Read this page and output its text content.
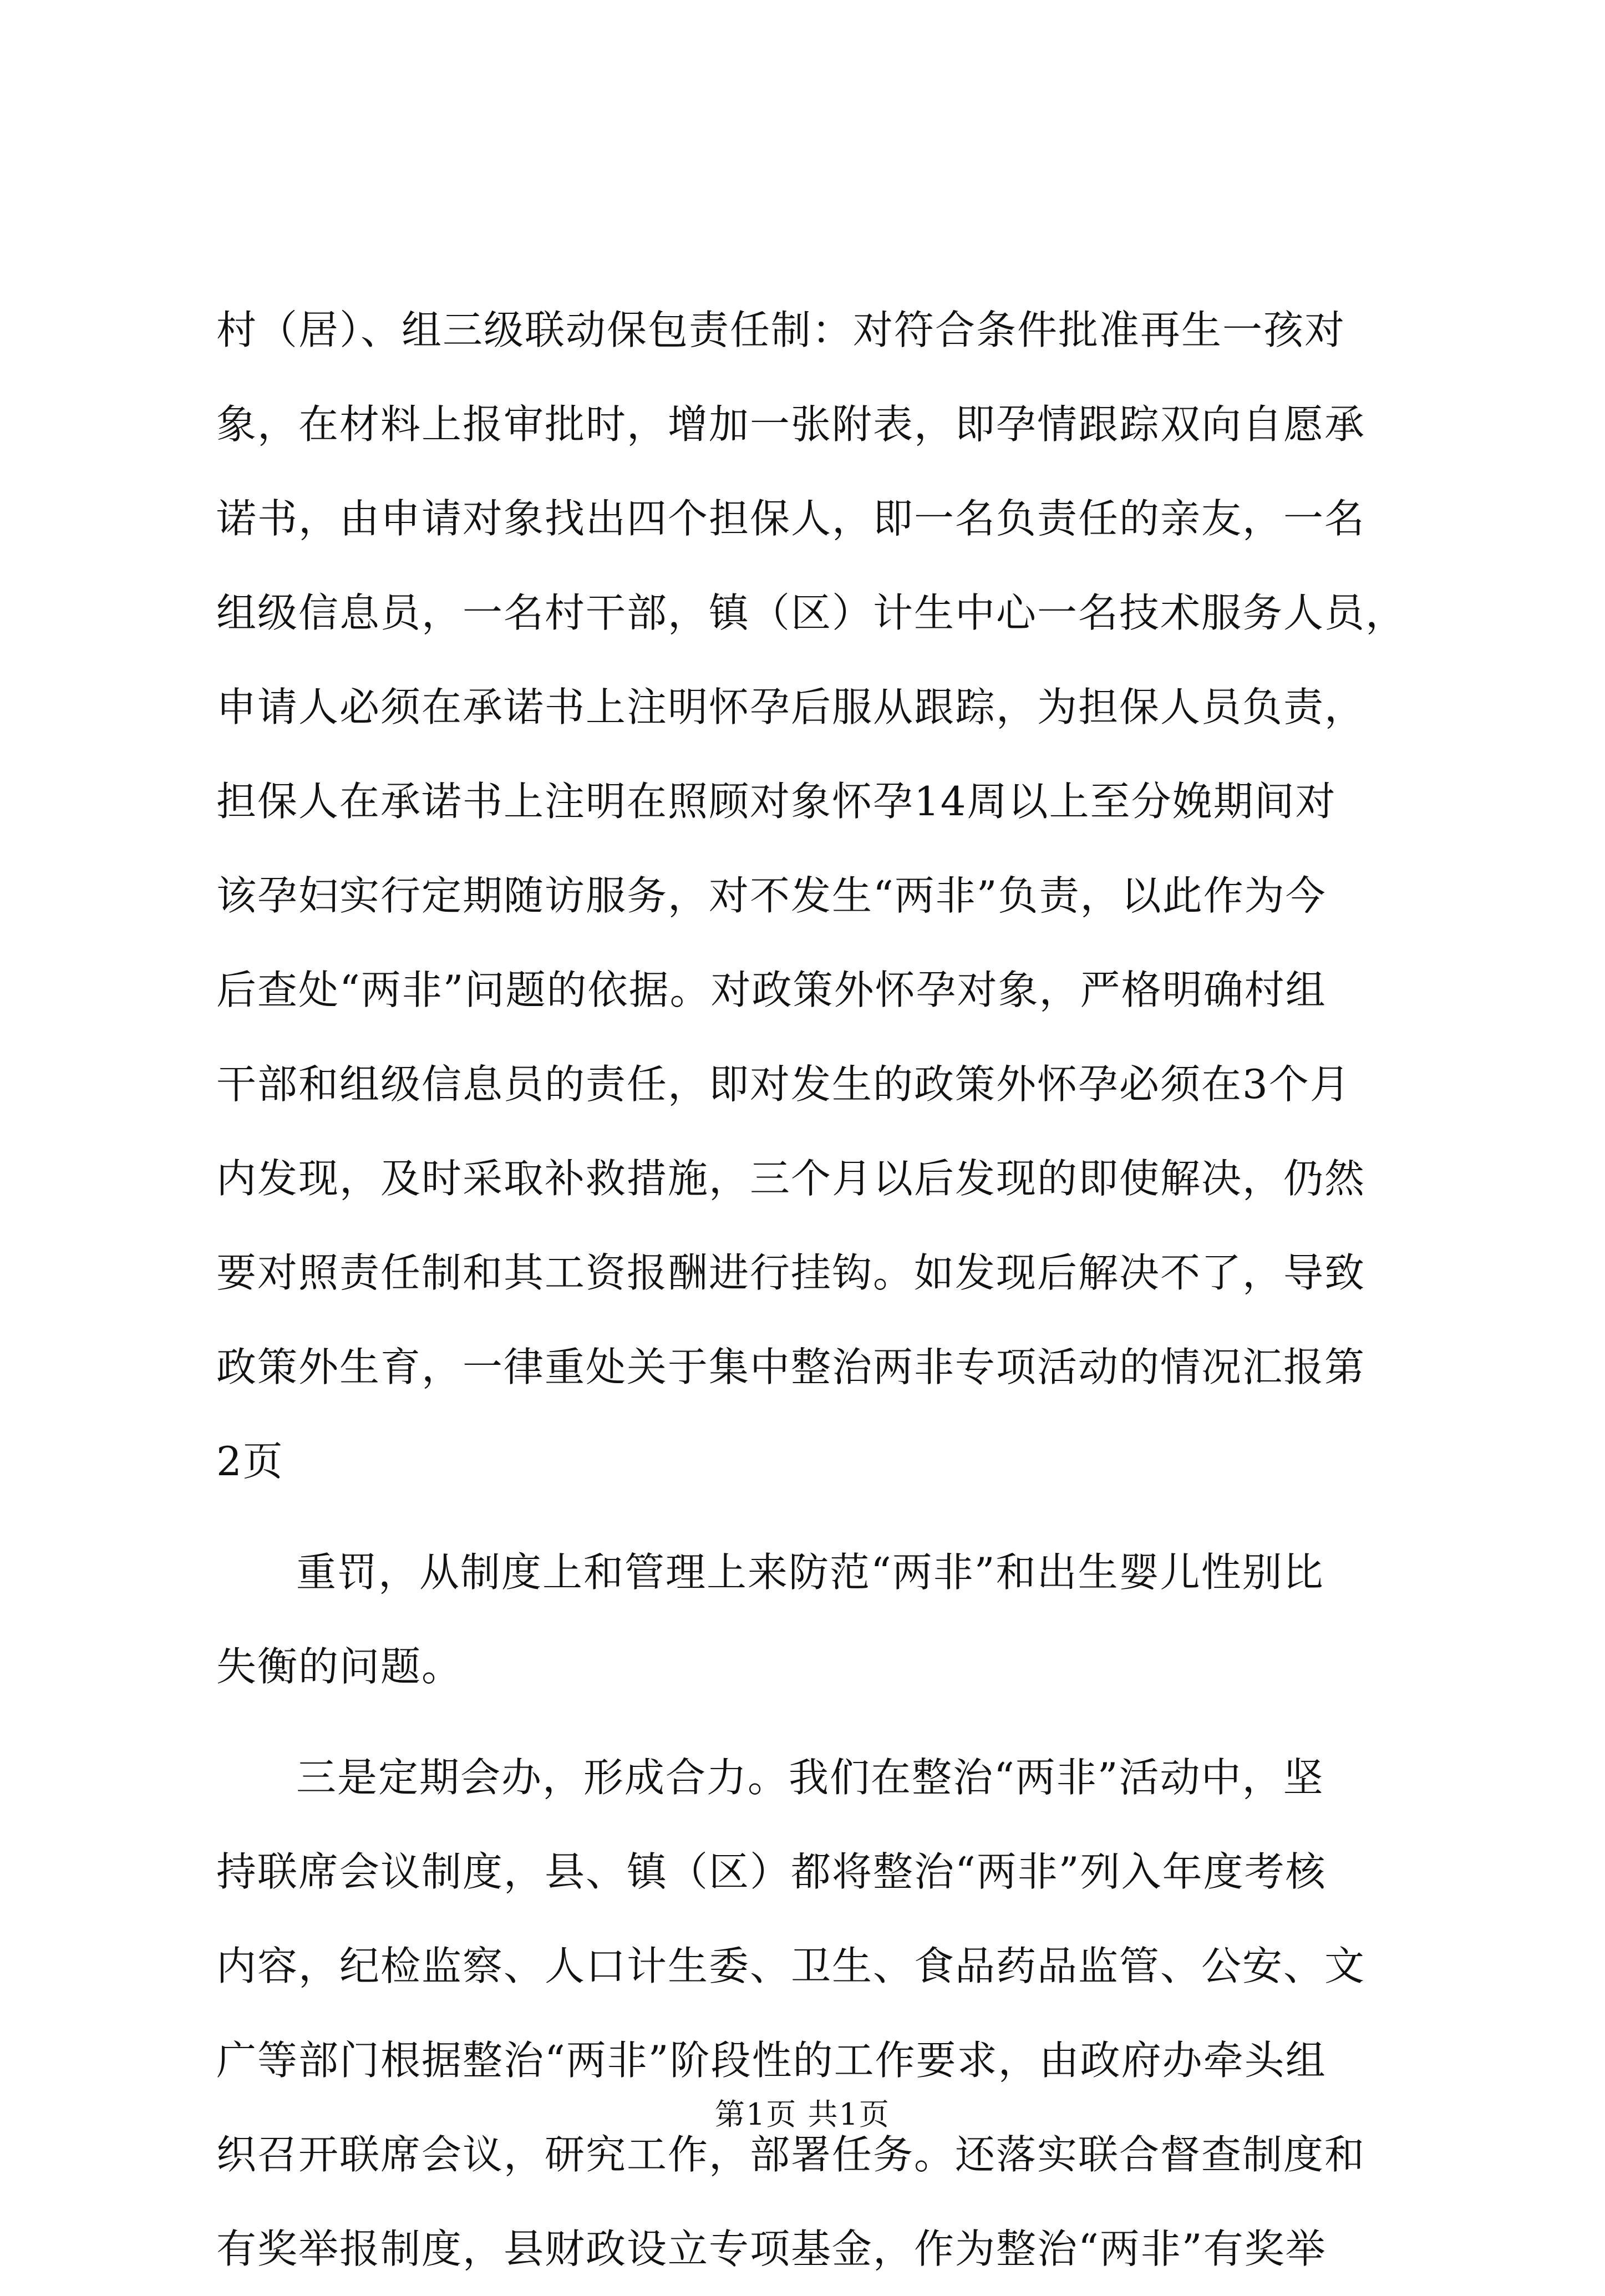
村（居）、组三级联动保包责任制：对符合条件批准再生一孩对
象，在材料上报审批时，增加一张附表，即孕情跟踪双向自愿承
诺书，由申请对象找出四个担保人，即一名负责任的亲友，一名
组级信息员，一名村干部，镇（区）计生中心一名技术服务人员，
申请人必须在承诺书上注明怀孕后服从跟踪，为担保人员负责，
担保人在承诺书上注明在照顾对象怀孕14周以上至分娩期间对
该孕妇实行定期随访服务，对不发生“两非”负责，以此作为今
后查处“两非”问题的依据。对政策外怀孕对象，严格明确村组
干部和组级信息员的责任，即对发生的政策外怀孕必须在3个月
内发现，及时采取补救措施，三个月以后发现的即使解决，仍然
要对照责任制和其工资报酬进行挂钩。如发现后解决不了，导致
政策外生育，一律重处关于集中整治两非专项活动的情况汇报第
2页
重罚，从制度上和管理上来防范“两非”和出生婴儿性别比
失衡的问题。
三是定期会办，形成合力。我们在整治“两非”活动中，坚
持联席会议制度，县、镇（区）都将整治“两非”列入年度考核
内容，纪检监察、人口计生委、卫生、食品药品监管、公安、文
广等部门根据整治“两非”阶段性的工作要求，由政府办牵头组
织召开联席会议，研究工作，部署任务。还落实联合督查制度和
有奖举报制度，县财政设立专项基金，作为整治“两非”有奖举
第1页 共1页
